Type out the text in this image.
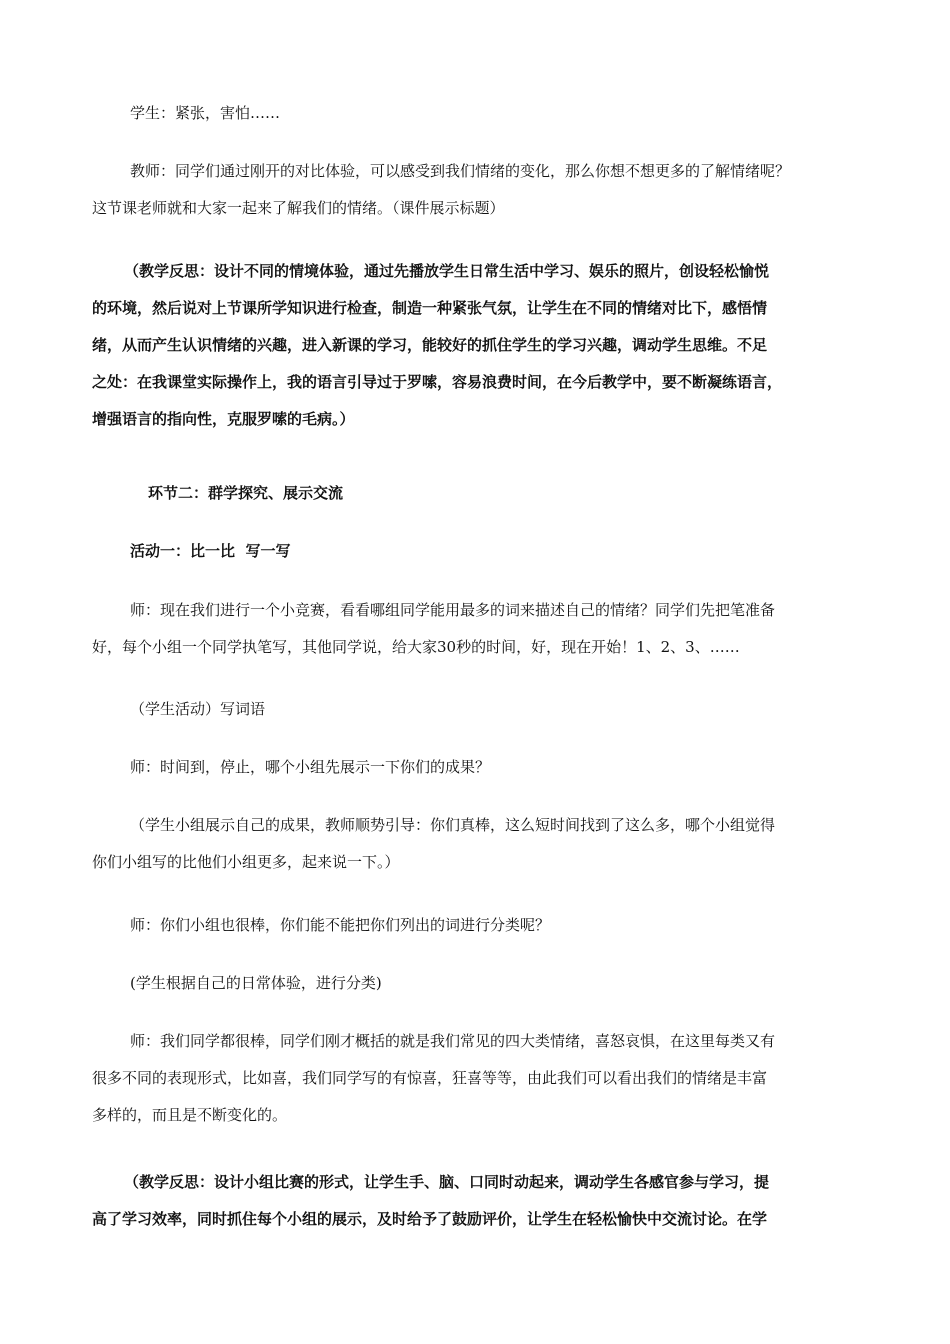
学生：紧张，害怕……
教师：同学们通过刚开的对比体验，可以感受到我们情绪的变化，那么你想不想更多的了解情绪呢？
这节课老师就和大家一起来了解我们的情绪。（课件展示标题）
（教学反思：设计不同的情境体验，通过先播放学生日常生活中学习、娱乐的照片，创设轻松愉悦
的环境，然后说对上节课所学知识进行检查，制造一种紧张气氛，让学生在不同的情绪对比下，感悟情
绪，从而产生认识情绪的兴趣，进入新课的学习，能较好的抓住学生的学习兴趣，调动学生思维。不足
之处：在我课堂实际操作上，我的语言引导过于罗嗦，容易浪费时间，在今后教学中，要不断凝练语言，
增强语言的指向性，克服罗嗦的毛病。）
环节二：群学探究、展示交流
活动一：比一比  写一写
师：现在我们进行一个小竞赛，看看哪组同学能用最多的词来描述自己的情绪？同学们先把笔准备
好，每个小组一个同学执笔写，其他同学说，给大家30秒的时间，好，现在开始！1、2、3、……
（学生活动）写词语
师：时间到，停止，哪个小组先展示一下你们的成果？
（学生小组展示自己的成果，教师顺势引导：你们真棒，这么短时间找到了这么多，哪个小组觉得
你们小组写的比他们小组更多，起来说一下。）
师：你们小组也很棒，你们能不能把你们列出的词进行分类呢？
(学生根据自己的日常体验，进行分类)
师：我们同学都很棒，同学们刚才概括的就是我们常见的四大类情绪，喜怒哀惧，在这里每类又有
很多不同的表现形式，比如喜，我们同学写的有惊喜，狂喜等等，由此我们可以看出我们的情绪是丰富
多样的，而且是不断变化的。
（教学反思：设计小组比赛的形式，让学生手、脑、口同时动起来，调动学生各感官参与学习，提
高了学习效率，同时抓住每个小组的展示，及时给予了鼓励评价，让学生在轻松愉快中交流讨论。在学
